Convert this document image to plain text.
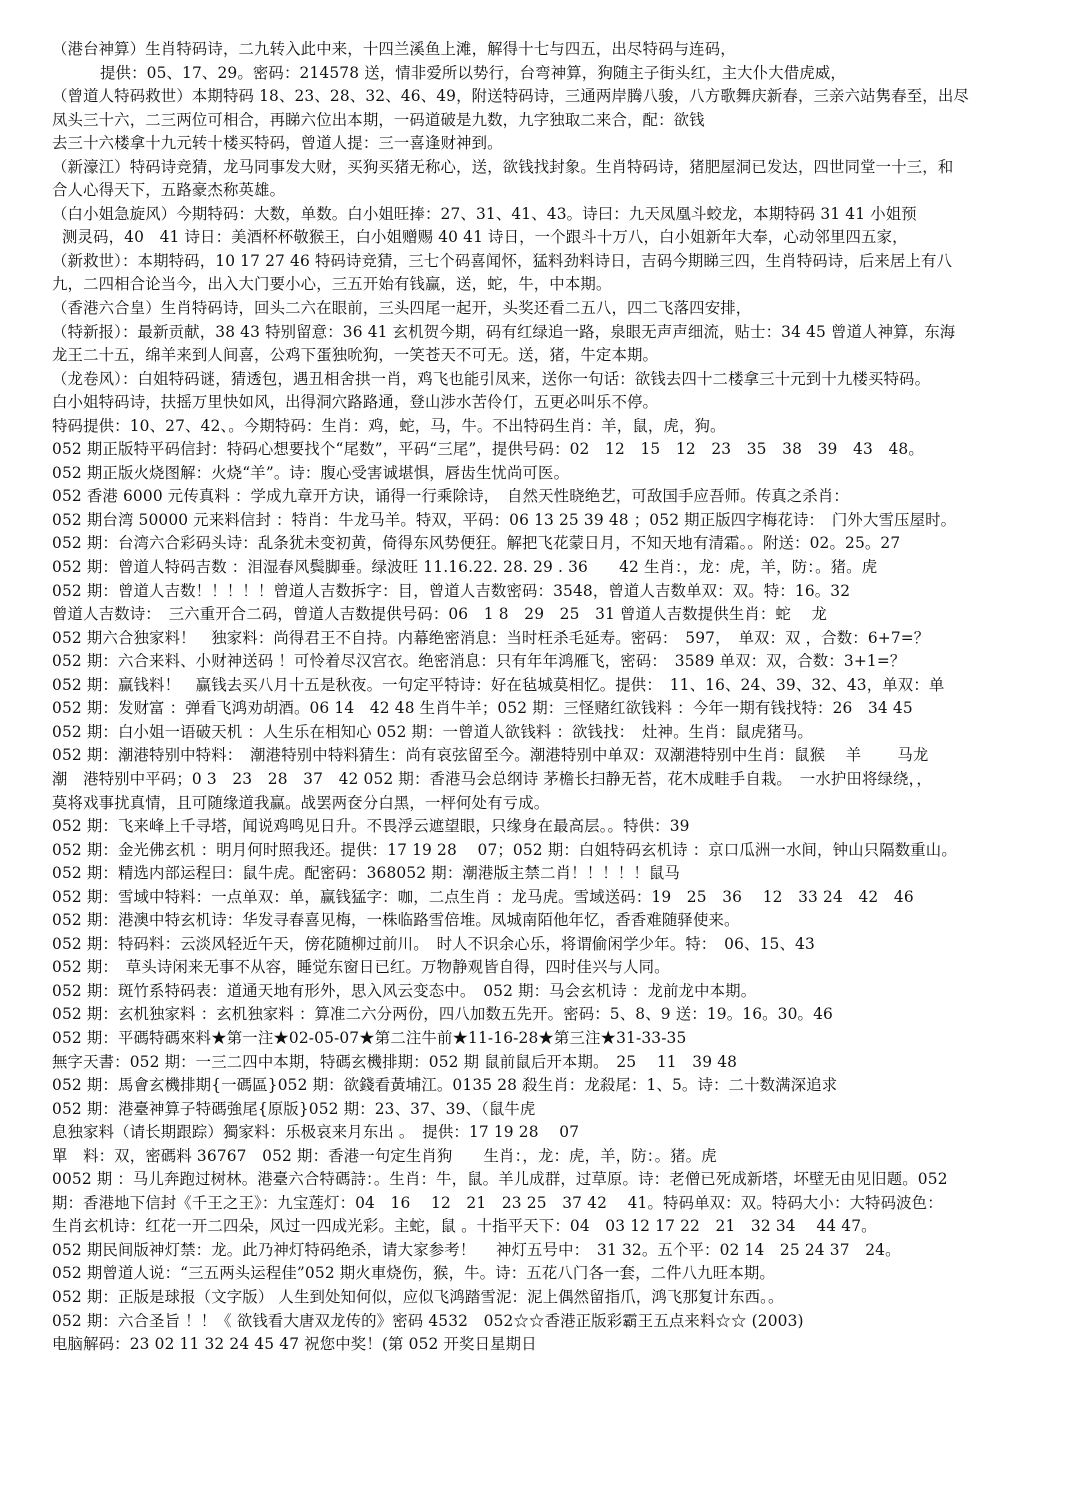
（港台神算）生肖特码诗，二九转入此中来，十四兰溪鱼上滩，解得十七与四五，出尽特码与连码，
提供：05、17、29。密码：214578 送，情非爱所以势行，台弯神算，狗随主子街头红，主大仆大借虎威，
（曾道人特码救世）本期特码 18、23、28、32、46、49，附送特码诗，三通两岸腾八骏，八方歌舞庆新春，三亲六站隽春至，出尽
凤头三十六，二三两位可相合，再睇六位出本期，一码道破是九数，九字独取二来合，配：欲钱
去三十六楼拿十九元转十楼买特码，曾道人提：三一喜逢财神到。
（新濠江）特码诗竞猜，龙马同事发大财，买狗买猪无称心，送，欲钱找封象。生肖特码诗，猪肥屋洞已发达，四世同堂一十三，和
合人心得天下，五路豪杰称英雄。
（白小姐急旋风）今期特码：大数，单数。白小姐旺捧：27、31、41、43。诗曰：九天凤凰斗蛟龙，本期特码 31 41 小姐预
测灵码，40　41 诗日：美酒杯杯敬猴王，白小姐赠赐 40 41 诗日，一个跟斗十万八，白小姐新年大奉，心动邻里四五家，
（新救世）：本期特码，10 17 27 46 特码诗竞猜，三七个码喜闻怀，猛料劲料诗日，吉码今期睇三四，生肖特码诗，后来居上有八
九，二四相合论当今，出入大门要小心，三五开始有钱赢，送，蛇，牛，中本期。
（香港六合皇）生肖特码诗，回头二六在眼前，三头四尾一起开，头奖还看二五八，四二飞落四安排，
（特新报）：最新贡献，38 43 特别留意：36 41 玄机贺今期，码有红绿追一路，泉眼无声声细流，贴士：34 45 曾道人神算，东海
龙王二十五，绵羊来到人间喜，公鸡下蛋独吮狗，一笑苍天不可无。送，猪，牛定本期。
（龙卷风）：白姐特码谜，猜透包，遇丑相舍拱一肖，鸡飞也能引凤来，送你一句话：欲钱去四十二楼拿三十元到十九楼买特码。
白小姐特码诗，扶摇万里快如风，出得洞穴路路通，登山涉水苦伶仃，五更必叫乐不停。
特码提供：10、27、42、。今期特码：生肖：鸡，蛇，马，牛。不出特码生肖：羊，鼠，虎，狗。
052 期正版特平码信封：特码心想要找个“尾数”，平码“三尾”，提供号码：02　12　15　12　23　35　38　39　43　48。
052 期正版火烧图解：火烧“羊”。诗：腹心受害诚堪惧，唇齿生忧尚可医。
052 香港 6000 元传真料 ：学成九章开方诀，诵得一行乘除诗，　自然天性晓绝艺，可敌国手应吾师。传真之杀肖：
052 期台湾 50000 元来料信封 ：特肖：牛龙马羊。特双，平码：06 13 25 39 48 ；052 期正版四字梅花诗：　门外大雪压屋时。
052 期：台湾六合彩码头诗：乱条犹未变初黄，倚得东风势便狂。解把飞花蒙日月，不知天地有清霜。。附送：02。25。27
052 期：曾道人特码吉数 ：泪湿春风鬓脚垂。绿波旺 11.16.22. 28. 29 . 36　　42 生肖：，龙：虎，羊，防：。猪。虎
052 期：曾道人吉数！！！！！曾道人吉数拆字：目，曾道人吉数密码：3548，曾道人吉数单双：双。特：16。32
曾道人吉数诗：　三六重开合二码，曾道人吉数提供号码：06　1 8　29　25　31 曾道人吉数提供生肖：蛇　 龙
052 期六合独家料！　独家料：尚得君王不自持。内幕绝密消息：当时枉杀毛延寿。密码：　597，　单双：双 ，合数：6+7=？
052 期：六合来料、小财神送码 ！可怜着尽汉宫衣。绝密消息：只有年年鸿雁飞，密码：　3589 单双：双，合数：3+1=？
052 期：赢钱料！　赢钱去买八月十五是秋夜。一句定平特诗：好在毡城莫相忆。提供：　11、16、24、39、32、43，单双：单
052 期：发财富 ：弹看飞鸿劝胡酒。06 14　42 48 生肖牛羊；052 期：三怪赌红欲钱料 ：今年一期有钱找特：26　34 45
052 期：白小姐一语破天机 ：人生乐在相知心 052 期：一曾道人欲钱料 ：欲钱找：　灶神。生肖：鼠虎猪马。
052 期：潮港特别中特料：　潮港特别中特料猜生：尚有哀弦留至今。潮港特别中单双：双潮港特别中生肖：鼠猴　 羊　　 马龙
潮　港特别中平码；0 3　23　28　37　42 052 期：香港马会总纲诗 茅檐长扫静无苔，花木成畦手自栽。　一水护田将绿绕，，
莫将戏事扰真情，且可随缘道我赢。战罢两奁分白黑，一枰何处有亏成。
052 期：飞来峰上千寻塔，闻说鸡鸣见日升。不畏浮云遮望眼，只缘身在最高层。。特供：39
052 期：金光佛玄机 ：明月何时照我还。提供：17 19 28　 07；052 期：白姐特码玄机诗 ：京口瓜洲一水间，钟山只隔数重山。
052 期：精选内部运程曰：鼠牛虎。配密码：368052 期：潮港版主禁二肖！！！！！鼠马
052 期：雪域中特料：一点单双：单，赢钱猛字：咖，二点生肖 ：龙马虎。雪域送码：19　25　36　 12　33 24　42　46
052 期：港澳中特玄机诗：华发寻春喜见梅，一株临路雪倍堆。凤城南陌他年忆，香香难随驿使来。
052 期：特码料：云淡风轻近午天，傍花随柳过前川。　时人不识余心乐，将谓偷闲学少年。特：　06、15、43
052 期：　草头诗闲来无事不从容，睡觉东窗日已红。万物静观皆自得，四时佳兴与人同。
052 期：斑竹系特码表：道通天地有形外，思入风云变态中。　052 期：马会玄机诗 ：龙前龙中本期。
052 期：玄机独家料 ：玄机独家料 ：算准二六分两份，四八加数五先开。密码：5、8、9 送：19。16。30。46
052 期：平碼特碼來料★第一注★02-05-07★第二注牛前★11-16-28★第三注★31-33-35
無字天書：052 期：一三二四中本期，特碼玄機排期：052 期 鼠前鼠后开本期。　25　 11　39 48
052 期：馬會玄機排期{一碼區}052 期：欲錢看黃埔江。0135 28 殺生肖：龙殺尾：1、5。诗：二十数满深追求
052 期：港臺神算子特碼強尾{原版}052 期：23、37、39、（鼠牛虎
息独家料（请长期跟踪）獨家料：乐极哀来月东出 。　提供：17 19 28　 07
單　料：双，密碼料 36767　052 期：香港一句定生肖狗　　生肖：，龙：虎，羊，防：。猪。虎
0052 期 ：马儿奔跑过树林。港臺六合特碼詩：。生肖：牛，鼠。羊儿成群，过草原。诗：老僧已死成新塔，坏壁无由见旧题。052
期：香港地下信封《千王之王》：九宝莲灯：04　16　 12　21　23 25　37 42　 41。特码单双：双。特码大小：大特码波色：
生肖玄机诗：红花一开二四朵，风过一四成光彩。主蛇，鼠 。十指平天下：04　03 12 17 22　21　32 34　 44 47。
052 期民间版神灯禁：龙。此乃神灯特码绝杀，请大家参考！　 神灯五号中：　31 32。五个平：02 14　25 24 37　24。
052 期曾道人说：“三五两头运程佳”052 期火車烧伤，猴，牛。诗：五花八门各一套，二件八九旺本期。
052 期：正版是球报（文字版） 人生到处知何似，应似飞鸿踏雪泥：泥上偶然留指爪，鸿飞那复计东西。。
052 期：六合圣旨 ！！《 欲钱看大唐双龙传的》密码 4532　052☆☆香港正版彩霸王五点来料☆☆ (2003)
电脑解码：23 02 11 32 24 45 47 祝您中奖！(第 052 开奖日星期日
